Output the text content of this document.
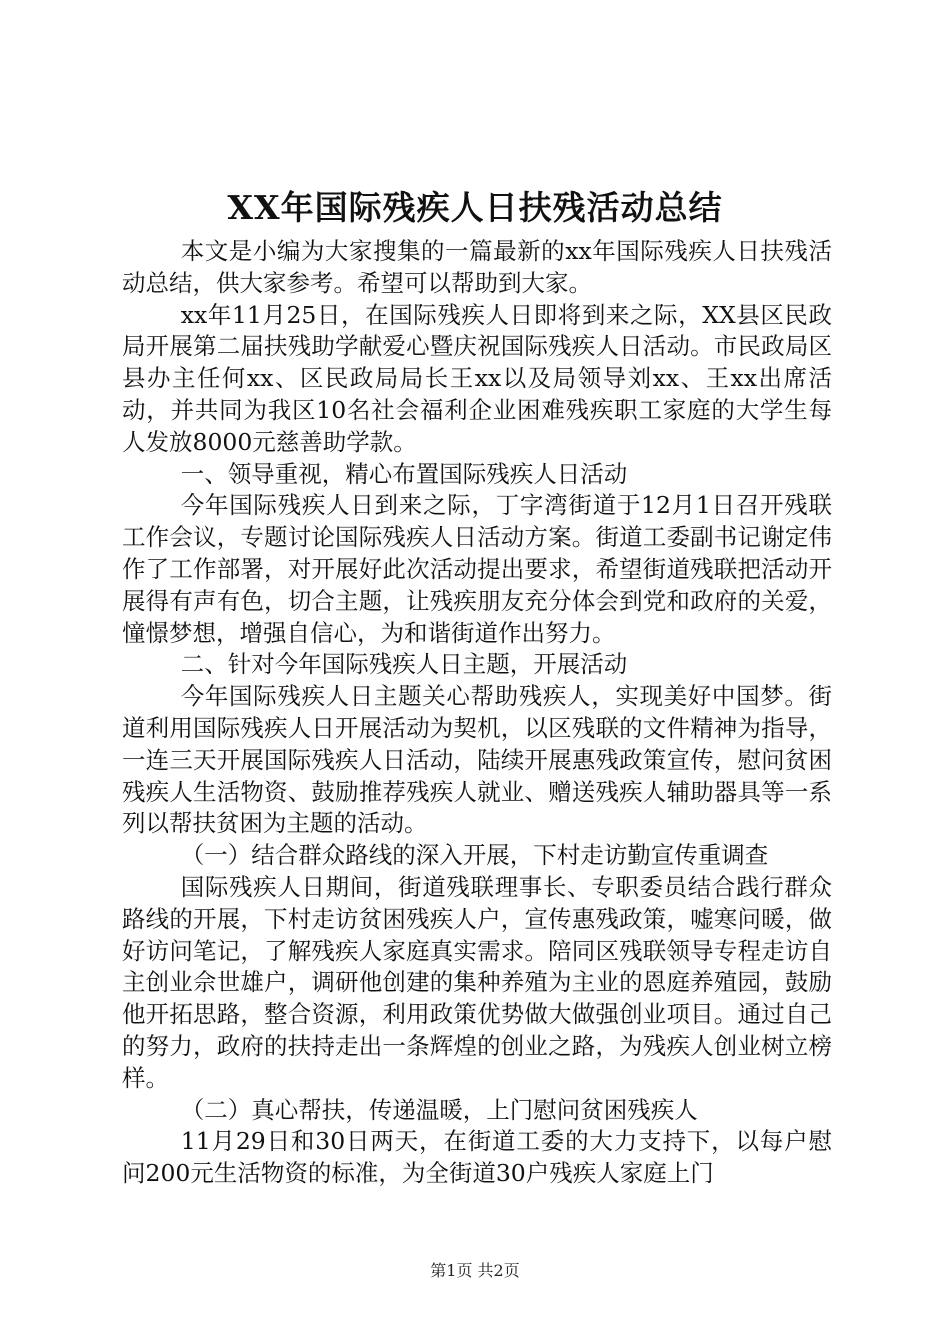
XX年国际残疾人日扶残活动总结

本文是小编为大家搜集的一篇最新的xx年国际残疾人日扶残活动总结，供大家参考。希望可以帮助到大家。

xx年11月25日，在国际残疾人日即将到来之际，XX县区民政局开展第二届扶残助学献爱心暨庆祝国际残疾人日活动。市民政局区县办主任何xx、区民政局局长王xx以及局领导刘xx、王xx出席活动，并共同为我区10名社会福利企业困难残疾职工家庭的大学生每人发放8000元慈善助学款。

一、领导重视，精心布置国际残疾人日活动

今年国际残疾人日到来之际，丁字湾街道于12月1日召开残联工作会议，专题讨论国际残疾人日活动方案。街道工委副书记谢定伟作了工作部署，对开展好此次活动提出要求，希望街道残联把活动开展得有声有色，切合主题，让残疾朋友充分体会到党和政府的关爱，憧憬梦想，增强自信心，为和谐街道作出努力。

二、针对今年国际残疾人日主题，开展活动

今年国际残疾人日主题关心帮助残疾人，实现美好中国梦。街道利用国际残疾人日开展活动为契机，以区残联的文件精神为指导，一连三天开展国际残疾人日活动，陆续开展惠残政策宣传，慰问贫困残疾人生活物资、鼓励推荐残疾人就业、赠送残疾人辅助器具等一系列以帮扶贫困为主题的活动。

（一）结合群众路线的深入开展，下村走访勤宣传重调查

国际残疾人日期间，街道残联理事长、专职委员结合践行群众路线的开展，下村走访贫困残疾人户，宣传惠残政策，嘘寒问暖，做好访问笔记，了解残疾人家庭真实需求。陪同区残联领导专程走访自主创业佘世雄户，调研他创建的集种养殖为主业的恩庭养殖园，鼓励他开拓思路，整合资源，利用政策优势做大做强创业项目。通过自己的努力，政府的扶持走出一条辉煌的创业之路，为残疾人创业树立榜样。

（二）真心帮扶，传递温暖，上门慰问贫困残疾人

11月29日和30日两天，在街道工委的大力支持下，以每户慰问200元生活物资的标准，为全街道30户残疾人家庭上门

第1页 共2页
